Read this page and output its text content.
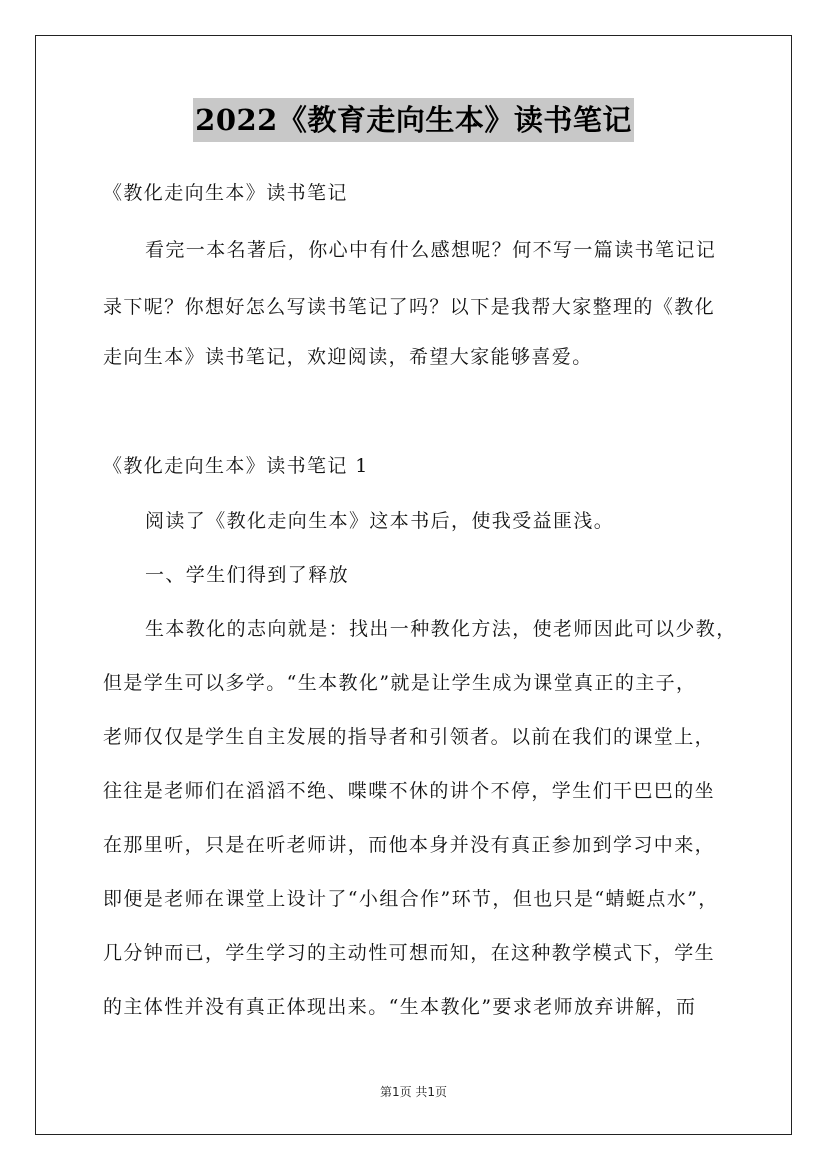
2022《教育走向生本》读书笔记
《教化走向生本》读书笔记
看完一本名著后，你心中有什么感想呢？何不写一篇读书笔记记
录下呢？你想好怎么写读书笔记了吗？以下是我帮大家整理的《教化
走向生本》读书笔记，欢迎阅读，希望大家能够喜爱。
《教化走向生本》读书笔记 1
阅读了《教化走向生本》这本书后，使我受益匪浅。
一、学生们得到了释放
生本教化的志向就是：找出一种教化方法，使老师因此可以少教，
但是学生可以多学。“生本教化”就是让学生成为课堂真正的主子，
老师仅仅是学生自主发展的指导者和引领者。以前在我们的课堂上，
往往是老师们在滔滔不绝、喋喋不休的讲个不停，学生们干巴巴的坐
在那里听，只是在听老师讲，而他本身并没有真正参加到学习中来，
即便是老师在课堂上设计了“小组合作”环节，但也只是“蜻蜓点水”，
几分钟而已，学生学习的主动性可想而知，在这种教学模式下，学生
的主体性并没有真正体现出来。“生本教化”要求老师放弃讲解，而
第1页 共1页
